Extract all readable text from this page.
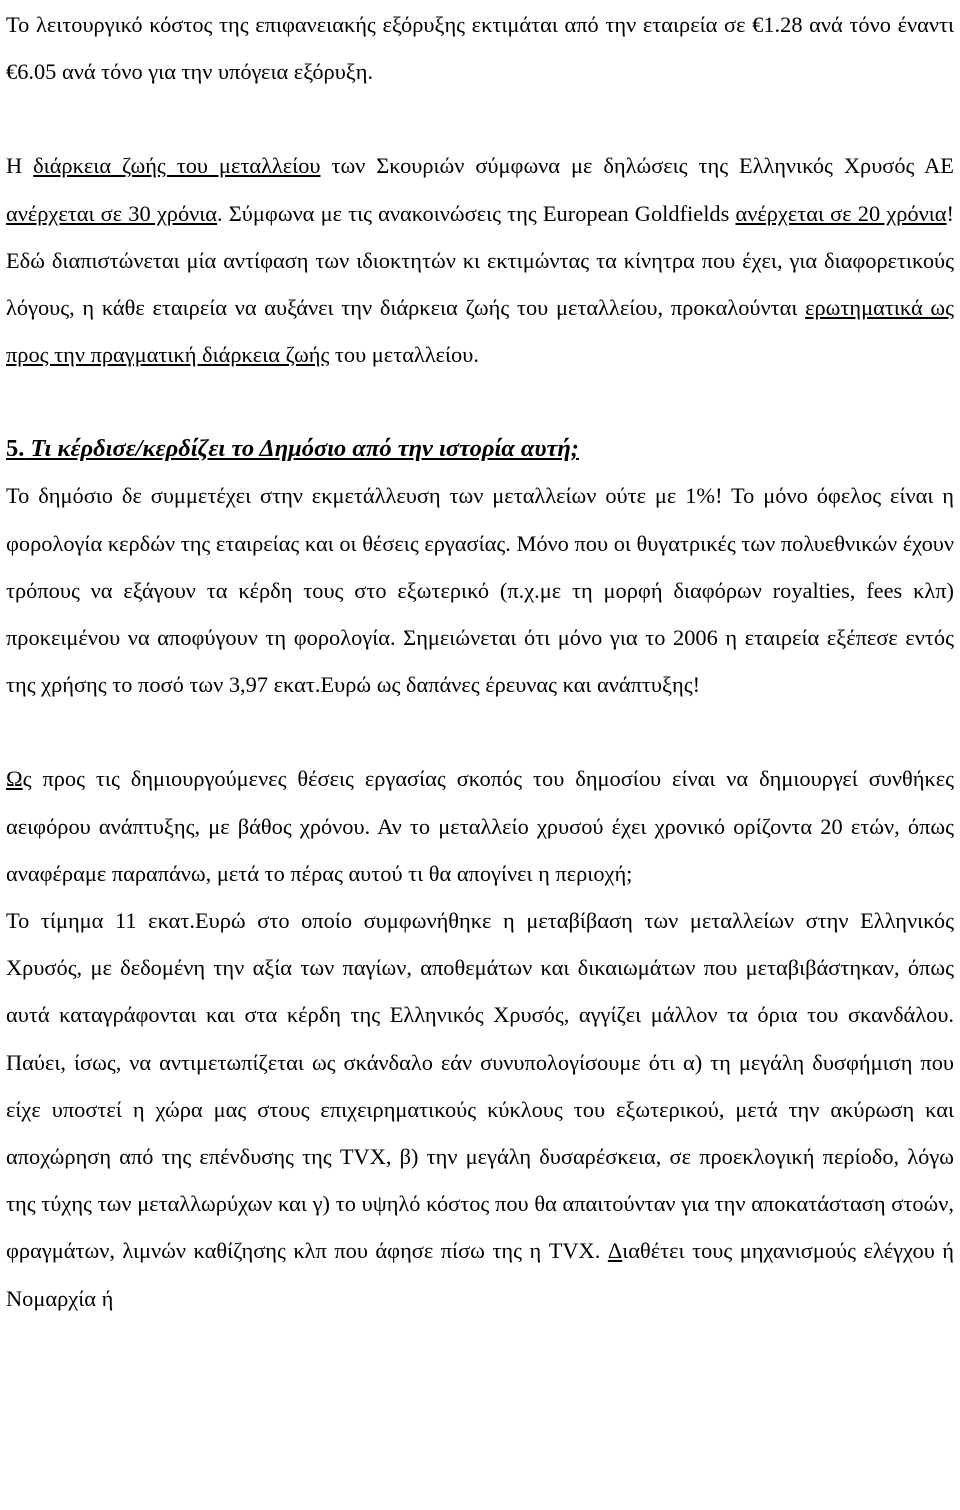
Το λειτουργικό κόστος της επιφανειακής εξόρυξης εκτιμάται από την εταιρεία σε €1.28 ανά τόνο έναντι €6.05 ανά τόνο για την υπόγεια εξόρυξη.

Η διάρκεια ζωής του μεταλλείου των Σκουριών σύμφωνα με δηλώσεις της Ελληνικός Χρυσός ΑΕ ανέρχεται σε 30 χρόνια. Σύμφωνα με τις ανακοινώσεις της European Goldfields ανέρχεται σε 20 χρόνια! Εδώ διαπιστώνεται μία αντίφαση των ιδιοκτητών κι εκτιμώντας τα κίνητρα που έχει, για διαφορετικούς λόγους, η κάθε εταιρεία να αυξάνει την διάρκεια ζωής του μεταλλείου, προκαλούνται ερωτηματικά ως προς την πραγματική διάρκεια ζωής του μεταλλείου.

5. Τι κέρδισε/κερδίζει το Δημόσιο από την ιστορία αυτή;

Το δημόσιο δε συμμετέχει στην εκμετάλλευση των μεταλλείων ούτε με 1%! Το μόνο όφελος είναι η φορολογία κερδών της εταιρείας και οι θέσεις εργασίας. Μόνο που οι θυγατρικές των πολυεθνικών έχουν τρόπους να εξάγουν τα κέρδη τους στο εξωτερικό (π.χ.με τη μορφή διαφόρων royalties, fees κλπ) προκειμένου να αποφύγουν τη φορολογία. Σημειώνεται ότι μόνο για το 2006 η εταιρεία εξέπεσε εντός της χρήσης το ποσό των 3,97 εκατ.Ευρώ ως δαπάνες έρευνας και ανάπτυξης!

Ως προς τις δημιουργούμενες θέσεις εργασίας σκοπός του δημοσίου είναι να δημιουργεί συνθήκες αειφόρου ανάπτυξης, με βάθος χρόνου. Αν το μεταλλείο χρυσού έχει χρονικό ορίζοντα 20 ετών, όπως αναφέραμε παραπάνω, μετά το πέρας αυτού τι θα απογίνει η περιοχή;

Το τίμημα 11 εκατ.Ευρώ στο οποίο συμφωνήθηκε η μεταβίβαση των μεταλλείων στην Ελληνικός Χρυσός, με δεδομένη την αξία των παγίων, αποθεμάτων και δικαιωμάτων που μεταβιβάστηκαν, όπως αυτά καταγράφονται και στα κέρδη της Ελληνικός Χρυσός, αγγίζει μάλλον τα όρια του σκανδάλου. Παύει, ίσως, να αντιμετωπίζεται ως σκάνδαλο εάν συνυπολογίσουμε ότι α) τη μεγάλη δυσφήμιση που είχε υποστεί η χώρα μας στους επιχειρηματικούς κύκλους του εξωτερικού, μετά την ακύρωση και αποχώρηση από της επένδυσης της TVX, β) την μεγάλη δυσαρέσκεια, σε προεκλογική περίοδο, λόγω της τύχης των μεταλλωρύχων και γ) το υψηλό κόστος που θα απαιτούνταν για την αποκατάσταση στοών, φραγμάτων, λιμνών καθίζησης κλπ που άφησε πίσω της η TVX. Διαθέτει τους μηχανισμούς ελέγχου ή Νομαρχία ή
